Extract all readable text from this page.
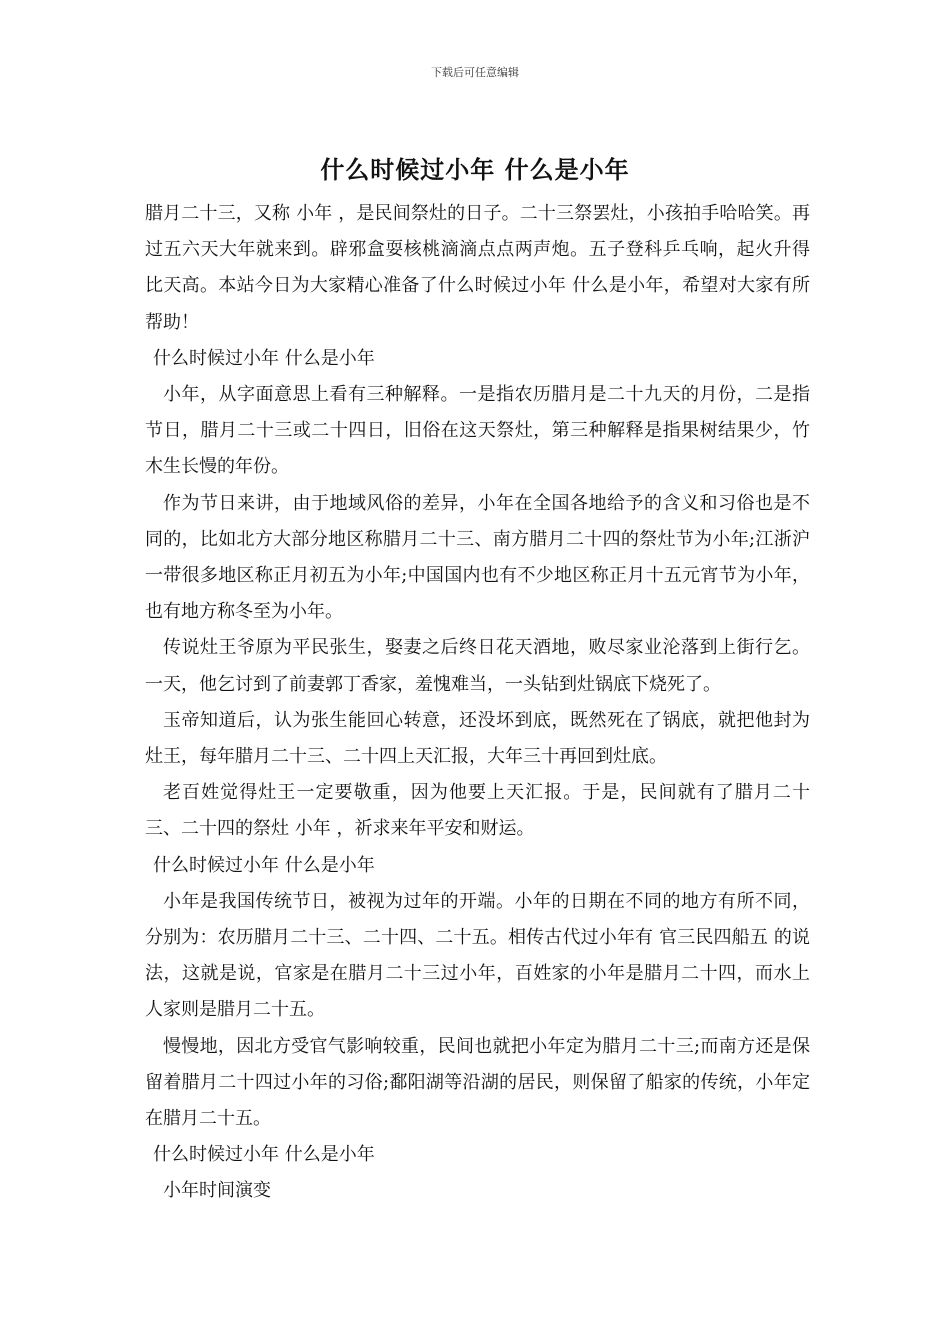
下载后可任意编辑
什么时候过小年 什么是小年

腊月二十三，又称 小年 ，是民间祭灶的日子。二十三祭罢灶，小孩拍手哈哈笑。再过五六天大年就来到。辟邪盒耍核桃滴滴点点两声炮。五子登科乒乓响，起火升得比天高。本站今日为大家精心准备了什么时候过小年 什么是小年，希望对大家有所帮助！

什么时候过小年 什么是小年

小年，从字面意思上看有三种解释。一是指农历腊月是二十九天的月份，二是指节日，腊月二十三或二十四日，旧俗在这天祭灶，第三种解释是指果树结果少，竹木生长慢的年份。

作为节日来讲，由于地域风俗的差异，小年在全国各地给予的含义和习俗也是不同的，比如北方大部分地区称腊月二十三、南方腊月二十四的祭灶节为小年;江浙沪一带很多地区称正月初五为小年;中国国内也有不少地区称正月十五元宵节为小年，也有地方称冬至为小年。

传说灶王爷原为平民张生，娶妻之后终日花天酒地，败尽家业沦落到上街行乞。一天，他乞讨到了前妻郭丁香家，羞愧难当，一头钻到灶锅底下烧死了。

玉帝知道后，认为张生能回心转意，还没坏到底，既然死在了锅底，就把他封为灶王，每年腊月二十三、二十四上天汇报，大年三十再回到灶底。

老百姓觉得灶王一定要敬重，因为他要上天汇报。于是，民间就有了腊月二十三、二十四的祭灶 小年 ，祈求来年平安和财运。

什么时候过小年 什么是小年

小年是我国传统节日，被视为过年的开端。小年的日期在不同的地方有所不同，分别为：农历腊月二十三、二十四、二十五。相传古代过小年有 官三民四船五 的说法，这就是说，官家是在腊月二十三过小年，百姓家的小年是腊月二十四，而水上人家则是腊月二十五。

慢慢地，因北方受官气影响较重，民间也就把小年定为腊月二十三;而南方还是保留着腊月二十四过小年的习俗;鄱阳湖等沿湖的居民，则保留了船家的传统，小年定在腊月二十五。

什么时候过小年 什么是小年

小年时间演变
